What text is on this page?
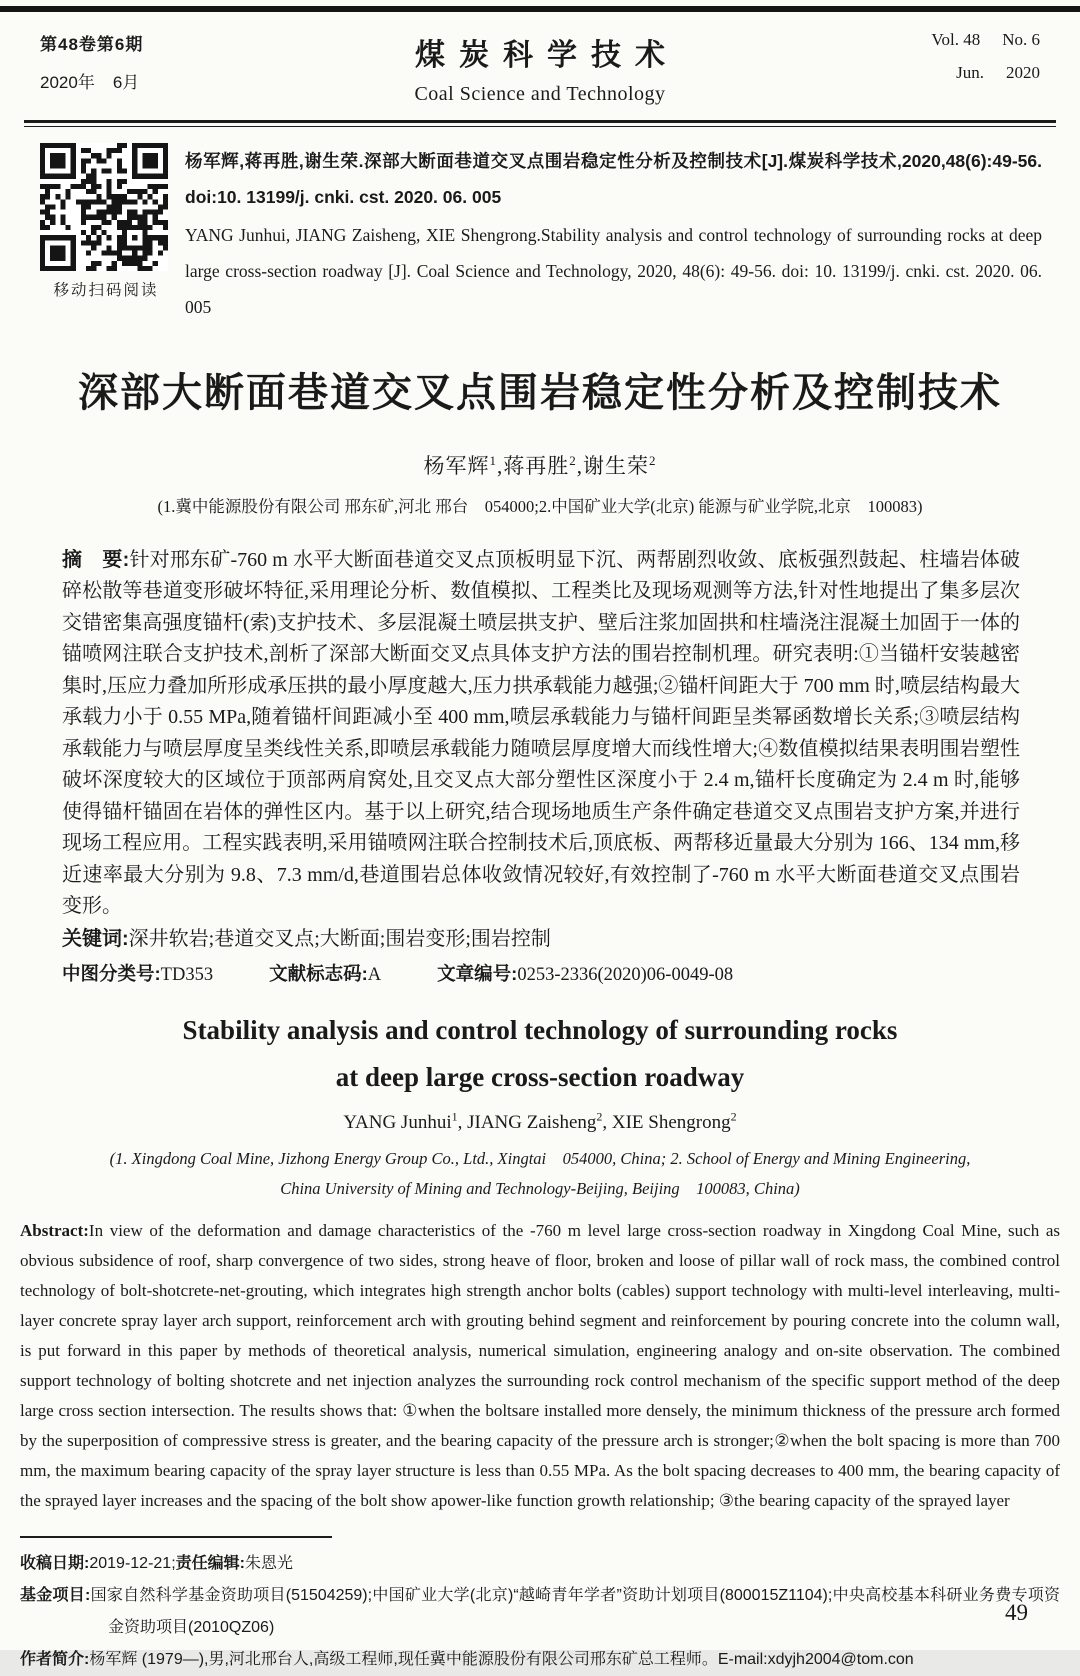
第48卷第6期
2020年 6月
煤炭科学技术
Coal Science and Technology
Vol. 48 No. 6
Jun. 2020
移动扫码阅读

杨军辉,蒋再胜,谢生荣.深部大断面巷道交叉点围岩稳定性分析及控制技术[J].煤炭科学技术,2020,48(6):49-56. doi:10. 13199/j. cnki. cst. 2020. 06. 005

YANG Junhui, JIANG Zaisheng, XIE Shengrong.Stability analysis and control technology of surrounding rocks at deep large cross-section roadway [J]. Coal Science and Technology, 2020, 48(6): 49-56. doi: 10. 13199/j. cnki. cst. 2020. 06. 005

深部大断面巷道交叉点围岩稳定性分析及控制技术
杨军辉$^1$,蒋再胜$^2$,谢生荣$^2$
(1.冀中能源股份有限公司 邢东矿,河北 邢台　054000;2.中国矿业大学(北京) 能源与矿业学院,北京　100083)
摘　要:针对邢东矿-760 m 水平大断面巷道交叉点顶板明显下沉、两帮剧烈收敛、底板强烈鼓起、柱墙岩体破碎松散等巷道变形破坏特征,采用理论分析、数值模拟、工程类比及现场观测等方法,针对性地提出了集多层次交错密集高强度锚杆(索)支护技术、多层混凝土喷层拱支护、壁后注浆加固拱和柱墙浇注混凝土加固于一体的锚喷网注联合支护技术,剖析了深部大断面交叉点具体支护方法的围岩控制机理。研究表明:①当锚杆安装越密集时,压应力叠加所形成承压拱的最小厚度越大,压力拱承载能力越强;②锚杆间距大于 700 mm 时,喷层结构最大承载力小于 0.55 MPa,随着锚杆间距减小至 400 mm,喷层承载能力与锚杆间距呈类幂函数增长关系;③喷层结构承载能力与喷层厚度呈类线性关系,即喷层承载能力随喷层厚度增大而线性增大;④数值模拟结果表明围岩塑性破坏深度较大的区域位于顶部两肩窝处,且交叉点大部分塑性区深度小于 2.4 m,锚杆长度确定为 2.4 m 时,能够使得锚杆锚固在岩体的弹性区内。基于以上研究,结合现场地质生产条件确定巷道交叉点围岩支护方案,并进行现场工程应用。工程实践表明,采用锚喷网注联合控制技术后,顶底板、两帮移近量最大分别为 166、134 mm,移近速率最大分别为 9.8、7.3 mm/d,巷道围岩总体收敛情况较好,有效控制了-760 m 水平大断面巷道交叉点围岩变形。
关键词:深井软岩;巷道交叉点;大断面;围岩变形;围岩控制
中图分类号:TD353	文献标志码:A	文章编号:0253-2336(2020)06-0049-08
Stability analysis and control technology of surrounding rocks
at deep large cross-section roadway
YANG Junhui$^1$, JIANG Zaisheng$^2$, XIE Shengrong$^2$
(1. Xingdong Coal Mine, Jizhong Energy Group Co., Ltd., Xingtai　054000, China; 2. School of Energy and Mining Engineering,
China University of Mining and Technology-Beijing, Beijing　100083, China)
Abstract:In view of the deformation and damage characteristics of the -760 m level large cross-section roadway in Xingdong Coal Mine, such as obvious subsidence of roof, sharp convergence of two sides, strong heave of floor, broken and loose of pillar wall of rock mass, the combined control technology of bolt-shotcrete-net-grouting, which integrates high strength anchor bolts (cables) support technology with multi-level interleaving, multi-layer concrete spray layer arch support, reinforcement arch with grouting behind segment and reinforcement by pouring concrete into the column wall, is put forward in this paper by methods of theoretical analysis, numerical simulation, engineering analogy and on-site observation. The combined support technology of bolting shotcrete and net injection analyzes the surrounding rock control mechanism of the specific support method of the deep large cross section intersection. The results shows that: ①when the boltsare installed more densely, the minimum thickness of the pressure arch formed by the superposition of compressive stress is greater, and the bearing capacity of the pressure arch is stronger;②when the bolt spacing is more than 700 mm, the maximum bearing capacity of the spray layer structure is less than 0.55 MPa. As the bolt spacing decreases to 400 mm, the bearing capacity of the sprayed layer increases and the spacing of the bolt show apower-like function growth relationship; ③the bearing capacity of the sprayed layer

收稿日期:2019-12-21;责任编辑:朱恩光

基金项目:国家自然科学基金资助项目(51504259);中国矿业大学(北京)“越崎青年学者”资助计划项目(800015Z1104);中央高校基本科研业务费专项资金资助项目(2010QZ06)

作者简介:杨军辉 (1979—),男,河北邢台人,高级工程师,现任冀中能源股份有限公司邢东矿总工程师。E-mail:xdyjh2004@tom.con

49
